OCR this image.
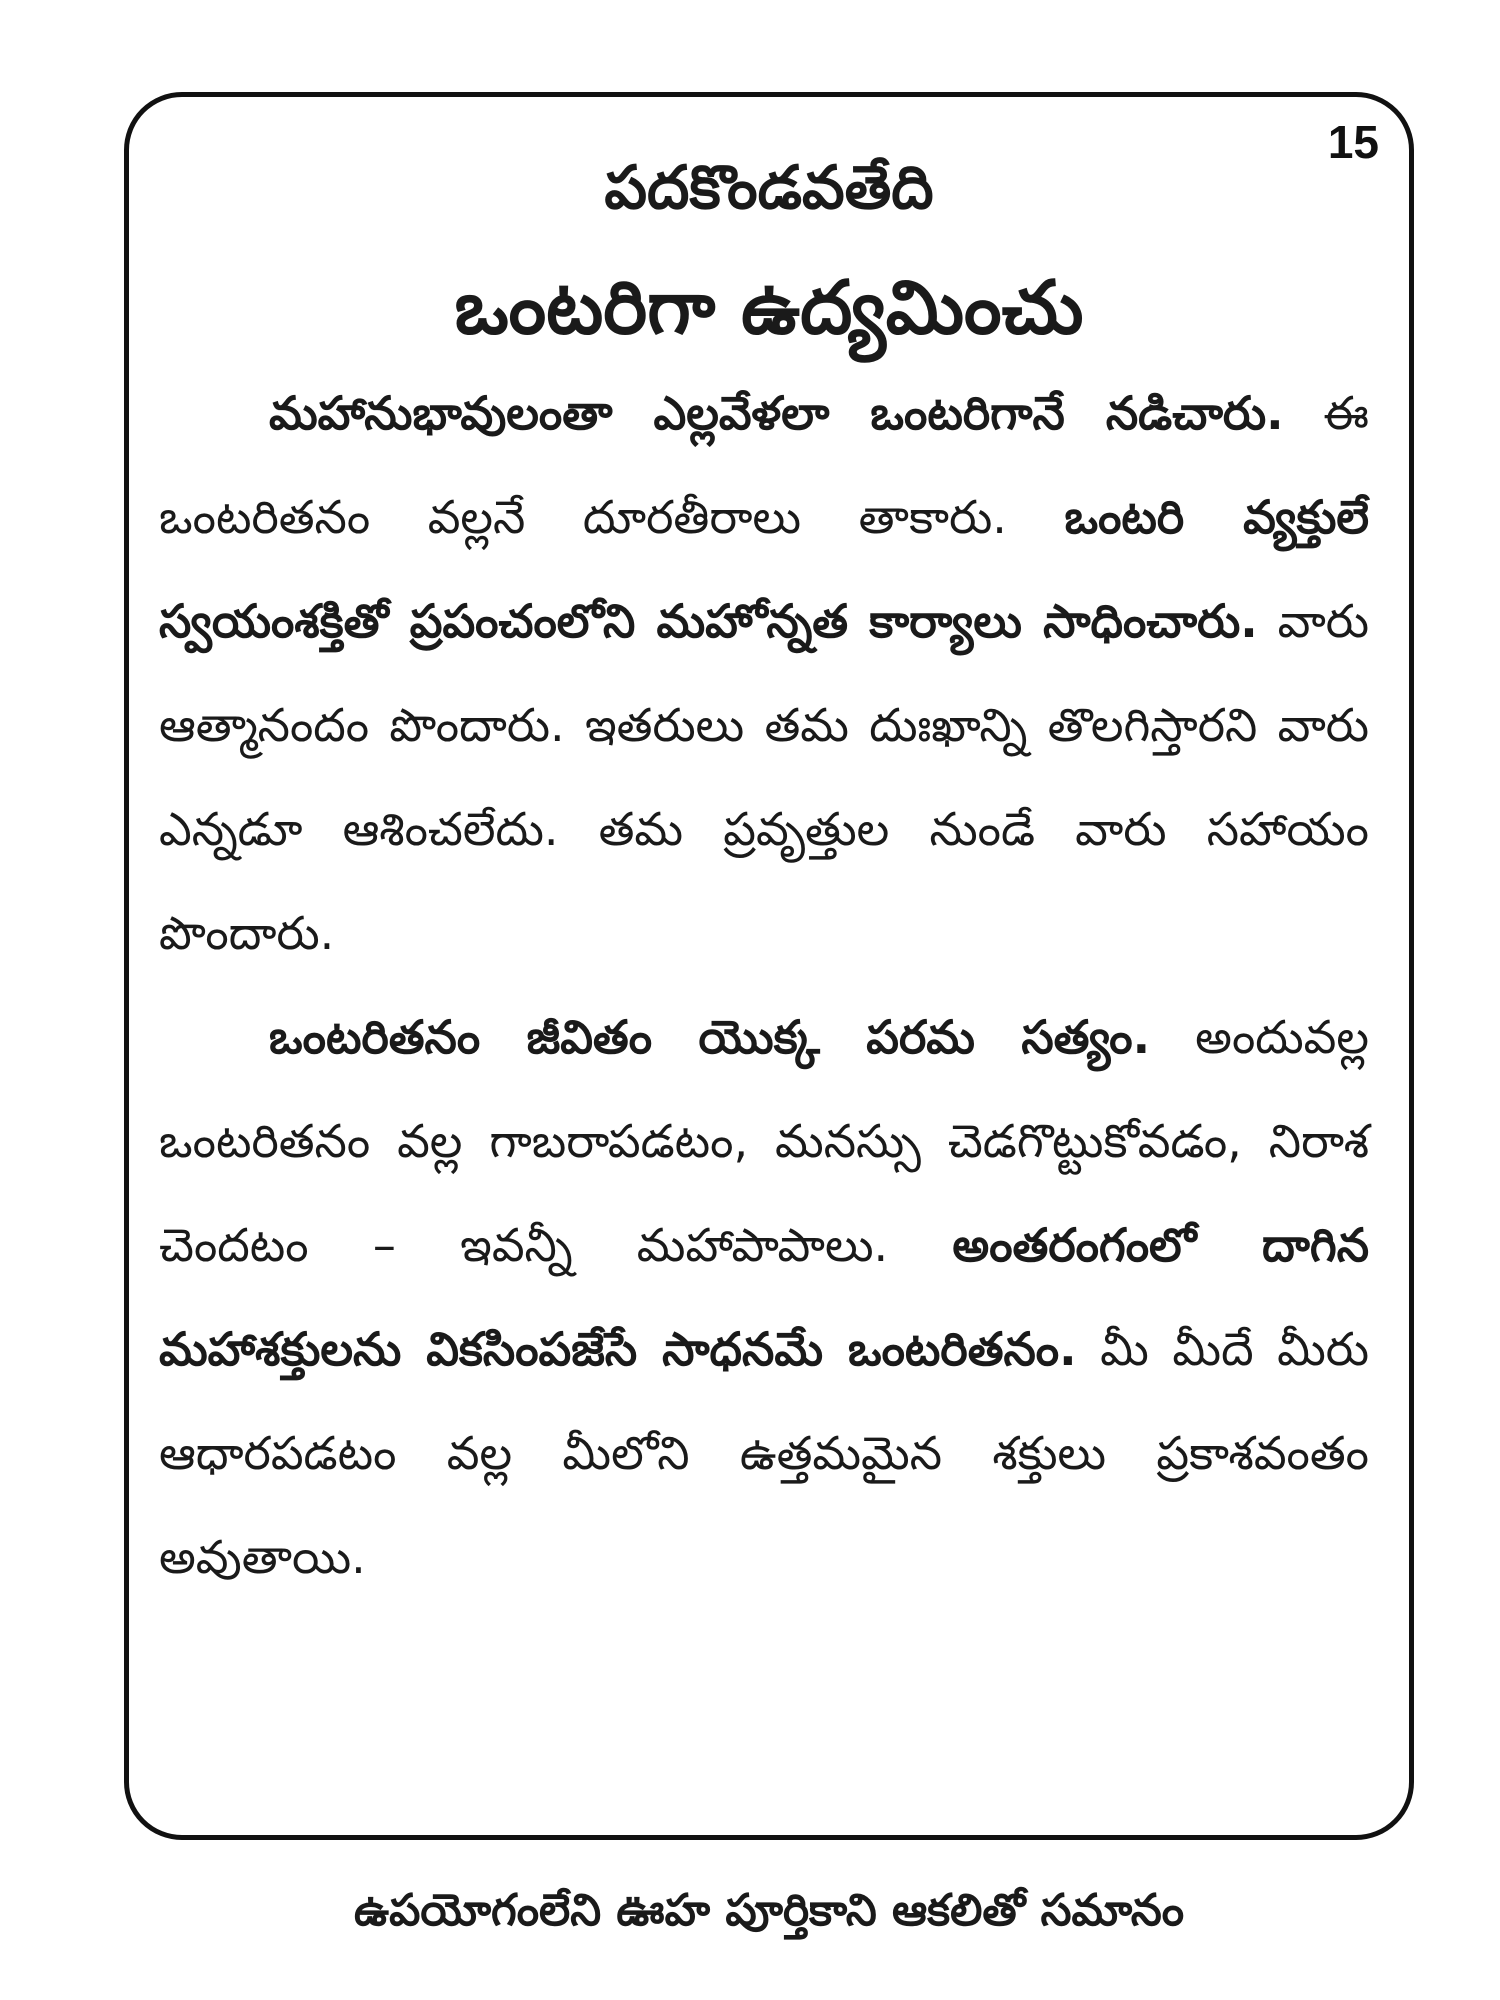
15
పదకొండవతేది
ఒంటరిగా ఉద్యమించు

మహానుభావులంతా ఎల్లవేళలా ఒంటరిగానే నడిచారు. ఈ ఒంటరితనం వల్లనే దూరతీరాలు తాకారు. ఒంటరి వ్యక్తులే స్వయంశక్తితో ప్రపంచంలోని మహోన్నత కార్యాలు సాధించారు. వారు ఆత్మానందం పొందారు. ఇతరులు తమ దుఃఖాన్ని తొలగిస్తారని వారు ఎన్నడూ ఆశించలేదు. తమ ప్రవృత్తుల నుండే వారు సహాయం పొందారు.

ఒంటరితనం జీవితం యొక్క పరమ సత్యం. అందువల్ల ఒంటరితనం వల్ల గాబరాపడటం, మనస్సు చెడగొట్టుకోవడం, నిరాశ చెందటం – ఇవన్నీ మహాపాపాలు. అంతరంగంలో దాగిన మహాశక్తులను వికసింపజేసే సాధనమే ఒంటరితనం. మీ మీదే మీరు ఆధారపడటం వల్ల మీలోని ఉత్తమమైన శక్తులు ప్రకాశవంతం అవుతాయి.

ఉపయోగంలేని ఊహ పూర్తికాని ఆకలితో సమానం
